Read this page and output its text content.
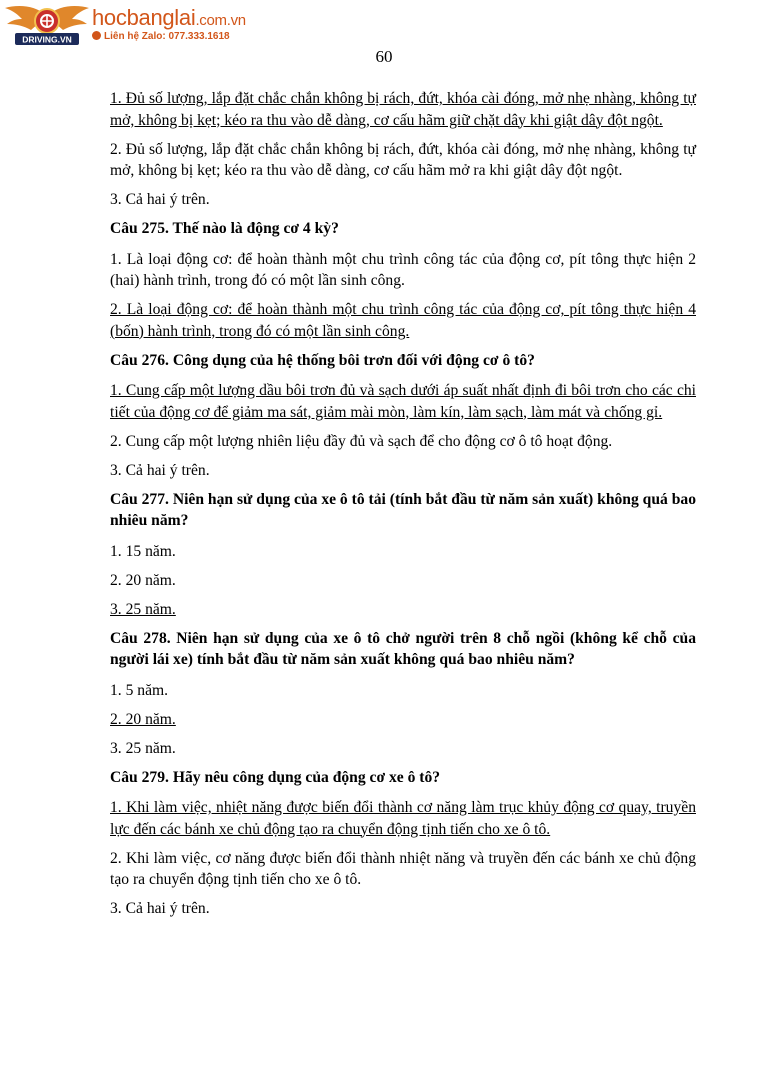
DRIVING.VN
hocbanglai.com.vn
Liên hệ Zalo: 077.333.1618
60

1. Đủ số lượng, lắp đặt chắc chắn không bị rách, đứt, khóa cài đóng, mở nhẹ nhàng, không tự mở, không bị kẹt; kéo ra thu vào dễ dàng, cơ cấu hãm giữ chặt dây khi giật dây đột ngột.

2. Đủ số lượng, lắp đặt chắc chắn không bị rách, đứt, khóa cài đóng, mở nhẹ nhàng, không tự mở, không bị kẹt; kéo ra thu vào dễ dàng, cơ cấu hãm mở ra khi giật dây đột ngột.

3. Cả hai ý trên.

Câu 275. Thế nào là động cơ 4 kỳ?

1. Là loại động cơ: để hoàn thành một chu trình công tác của động cơ, pít tông thực hiện 2 (hai) hành trình, trong đó có một lần sinh công.

2. Là loại động cơ: để hoàn thành một chu trình công tác của động cơ, pít tông thực hiện 4 (bốn) hành trình, trong đó có một lần sinh công.

Câu 276. Công dụng của hệ thống bôi trơn đối với động cơ ô tô?

1. Cung cấp một lượng dầu bôi trơn đủ và sạch dưới áp suất nhất định đi bôi trơn cho các chi tiết của động cơ để giảm ma sát, giảm mài mòn, làm kín, làm sạch, làm mát và chống gỉ.

2. Cung cấp một lượng nhiên liệu đầy đủ và sạch để cho động cơ ô tô hoạt động.

3. Cả hai ý trên.

Câu 277. Niên hạn sử dụng của xe ô tô tải (tính bắt đầu từ năm sản xuất) không quá bao nhiêu năm?

1. 15 năm.

2. 20 năm.

3. 25 năm.

Câu 278. Niên hạn sử dụng của xe ô tô chở người trên 8 chỗ ngồi (không kể chỗ của người lái xe) tính bắt đầu từ năm sản xuất không quá bao nhiêu năm?

1. 5 năm.

2. 20 năm.

3. 25 năm.

Câu 279. Hãy nêu công dụng của động cơ xe ô tô?

1. Khi làm việc, nhiệt năng được biến đổi thành cơ năng làm trục khủy động cơ quay, truyền lực đến các bánh xe chủ động tạo ra chuyển động tịnh tiến cho xe ô tô.

2. Khi làm việc, cơ năng được biến đổi thành nhiệt năng và truyền đến các bánh xe chủ động tạo ra chuyển động tịnh tiến cho xe ô tô.

3. Cả hai ý trên.
